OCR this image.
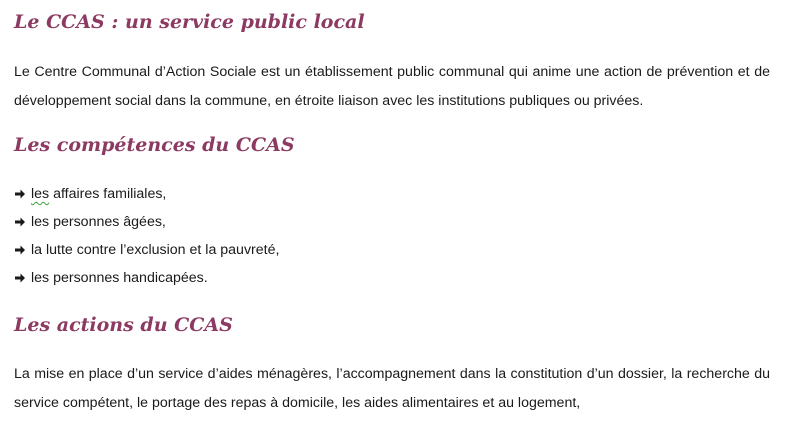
Le CCAS : un service public local

Le Centre Communal d’Action Sociale est un établissement public communal qui anime une action de prévention et de développement social dans la commune, en étroite liaison avec les institutions publiques ou privées.

Les compétences du CCAS
les affaires familiales,
les personnes âgées,
la lutte contre l’exclusion et la pauvreté,
les personnes handicapées.
Les actions du CCAS

La mise en place d’un service d’aides ménagères, l’accompagnement dans la constitution d’un dossier, la recherche du service compétent, le portage des repas à domicile, les aides alimentaires et au logement,
